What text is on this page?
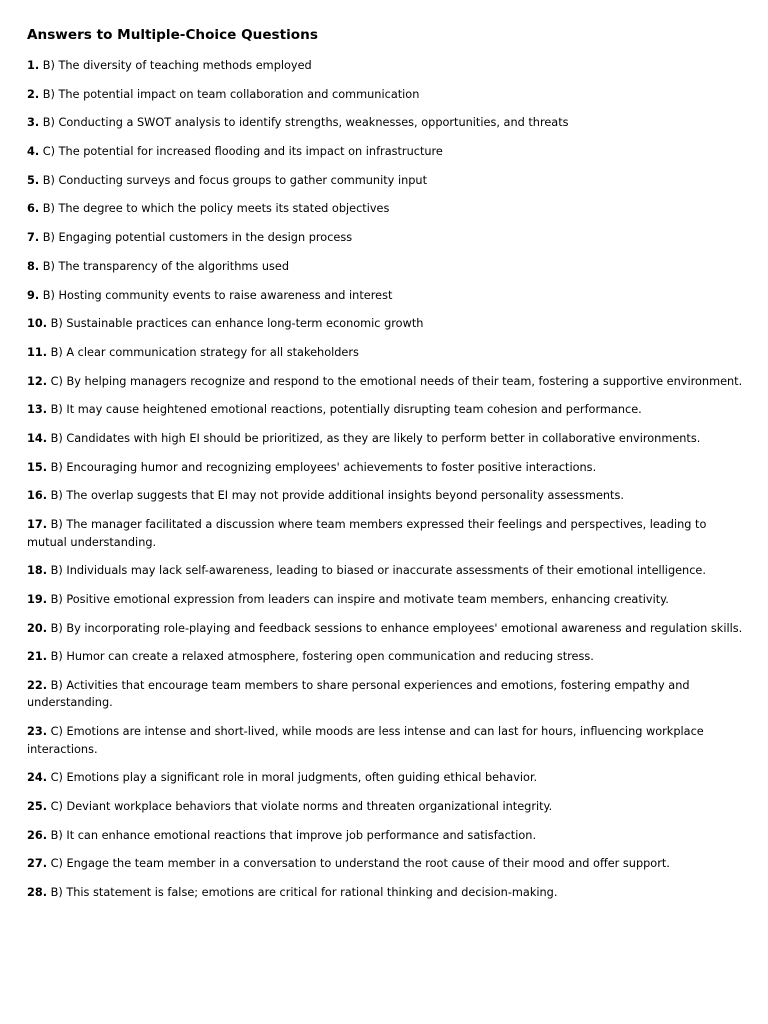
Answers to Multiple-Choice Questions
1. B) The diversity of teaching methods employed
2. B) The potential impact on team collaboration and communication
3. B) Conducting a SWOT analysis to identify strengths, weaknesses, opportunities, and threats
4. C) The potential for increased flooding and its impact on infrastructure
5. B) Conducting surveys and focus groups to gather community input
6. B) The degree to which the policy meets its stated objectives
7. B) Engaging potential customers in the design process
8. B) The transparency of the algorithms used
9. B) Hosting community events to raise awareness and interest
10. B) Sustainable practices can enhance long-term economic growth
11. B) A clear communication strategy for all stakeholders
12. C) By helping managers recognize and respond to the emotional needs of their team, fostering a supportive environment.
13. B) It may cause heightened emotional reactions, potentially disrupting team cohesion and performance.
14. B) Candidates with high EI should be prioritized, as they are likely to perform better in collaborative environments.
15. B) Encouraging humor and recognizing employees' achievements to foster positive interactions.
16. B) The overlap suggests that EI may not provide additional insights beyond personality assessments.
17. B) The manager facilitated a discussion where team members expressed their feelings and perspectives, leading to mutual understanding.
18. B) Individuals may lack self-awareness, leading to biased or inaccurate assessments of their emotional intelligence.
19. B) Positive emotional expression from leaders can inspire and motivate team members, enhancing creativity.
20. B) By incorporating role-playing and feedback sessions to enhance employees' emotional awareness and regulation skills.
21. B) Humor can create a relaxed atmosphere, fostering open communication and reducing stress.
22. B) Activities that encourage team members to share personal experiences and emotions, fostering empathy and understanding.
23. C) Emotions are intense and short-lived, while moods are less intense and can last for hours, influencing workplace interactions.
24. C) Emotions play a significant role in moral judgments, often guiding ethical behavior.
25. C) Deviant workplace behaviors that violate norms and threaten organizational integrity.
26. B) It can enhance emotional reactions that improve job performance and satisfaction.
27. C) Engage the team member in a conversation to understand the root cause of their mood and offer support.
28. B) This statement is false; emotions are critical for rational thinking and decision-making.
